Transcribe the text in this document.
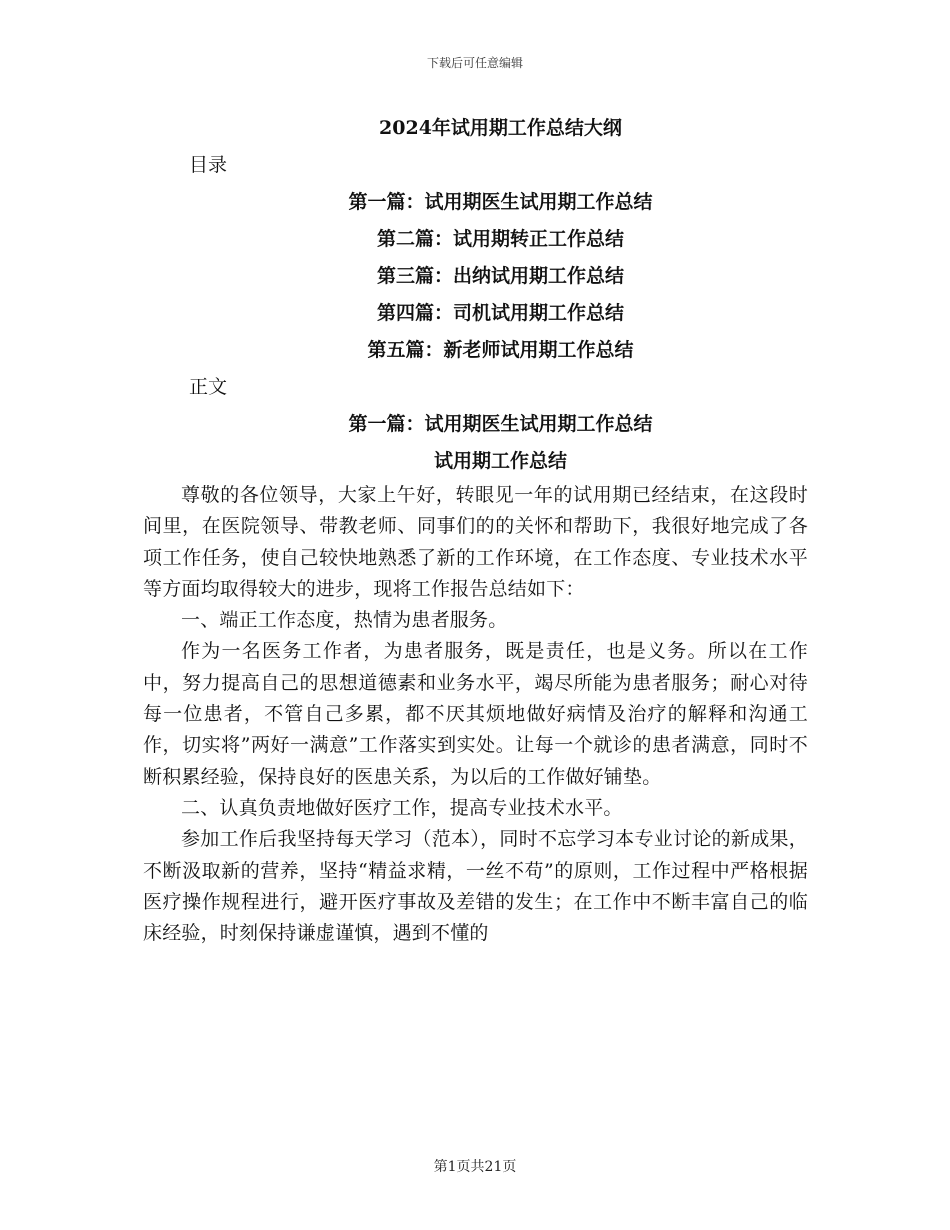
下载后可任意编辑
2024年试用期工作总结大纲
目录
第一篇：试用期医生试用期工作总结
第二篇：试用期转正工作总结
第三篇：出纳试用期工作总结
第四篇：司机试用期工作总结
第五篇：新老师试用期工作总结
正文
第一篇：试用期医生试用期工作总结
试用期工作总结

尊敬的各位领导，大家上午好，转眼见一年的试用期已经结束，在这段时间里，在医院领导、带教老师、同事们的的关怀和帮助下，我很好地完成了各项工作任务，使自己较快地熟悉了新的工作环境，在工作态度、专业技术水平等方面均取得较大的进步，现将工作报告总结如下：

一、端正工作态度，热情为患者服务。

作为一名医务工作者，为患者服务，既是责任，也是义务。所以在工作中，努力提高自己的思想道德素和业务水平，竭尽所能为患者服务；耐心对待每一位患者，不管自己多累，都不厌其烦地做好病情及治疗的解释和沟通工作，切实将”两好一满意”工作落实到实处。让每一个就诊的患者满意，同时不断积累经验，保持良好的医患关系，为以后的工作做好铺垫。

二、认真负责地做好医疗工作，提高专业技术水平。

参加工作后我坚持每天学习（范本），同时不忘学习本专业讨论的新成果，不断汲取新的营养，坚持“精益求精，一丝不苟”的原则，工作过程中严格根据医疗操作规程进行，避开医疗事故及差错的发生；在工作中不断丰富自己的临床经验，时刻保持谦虚谨慎，遇到不懂的

第1页共21页
